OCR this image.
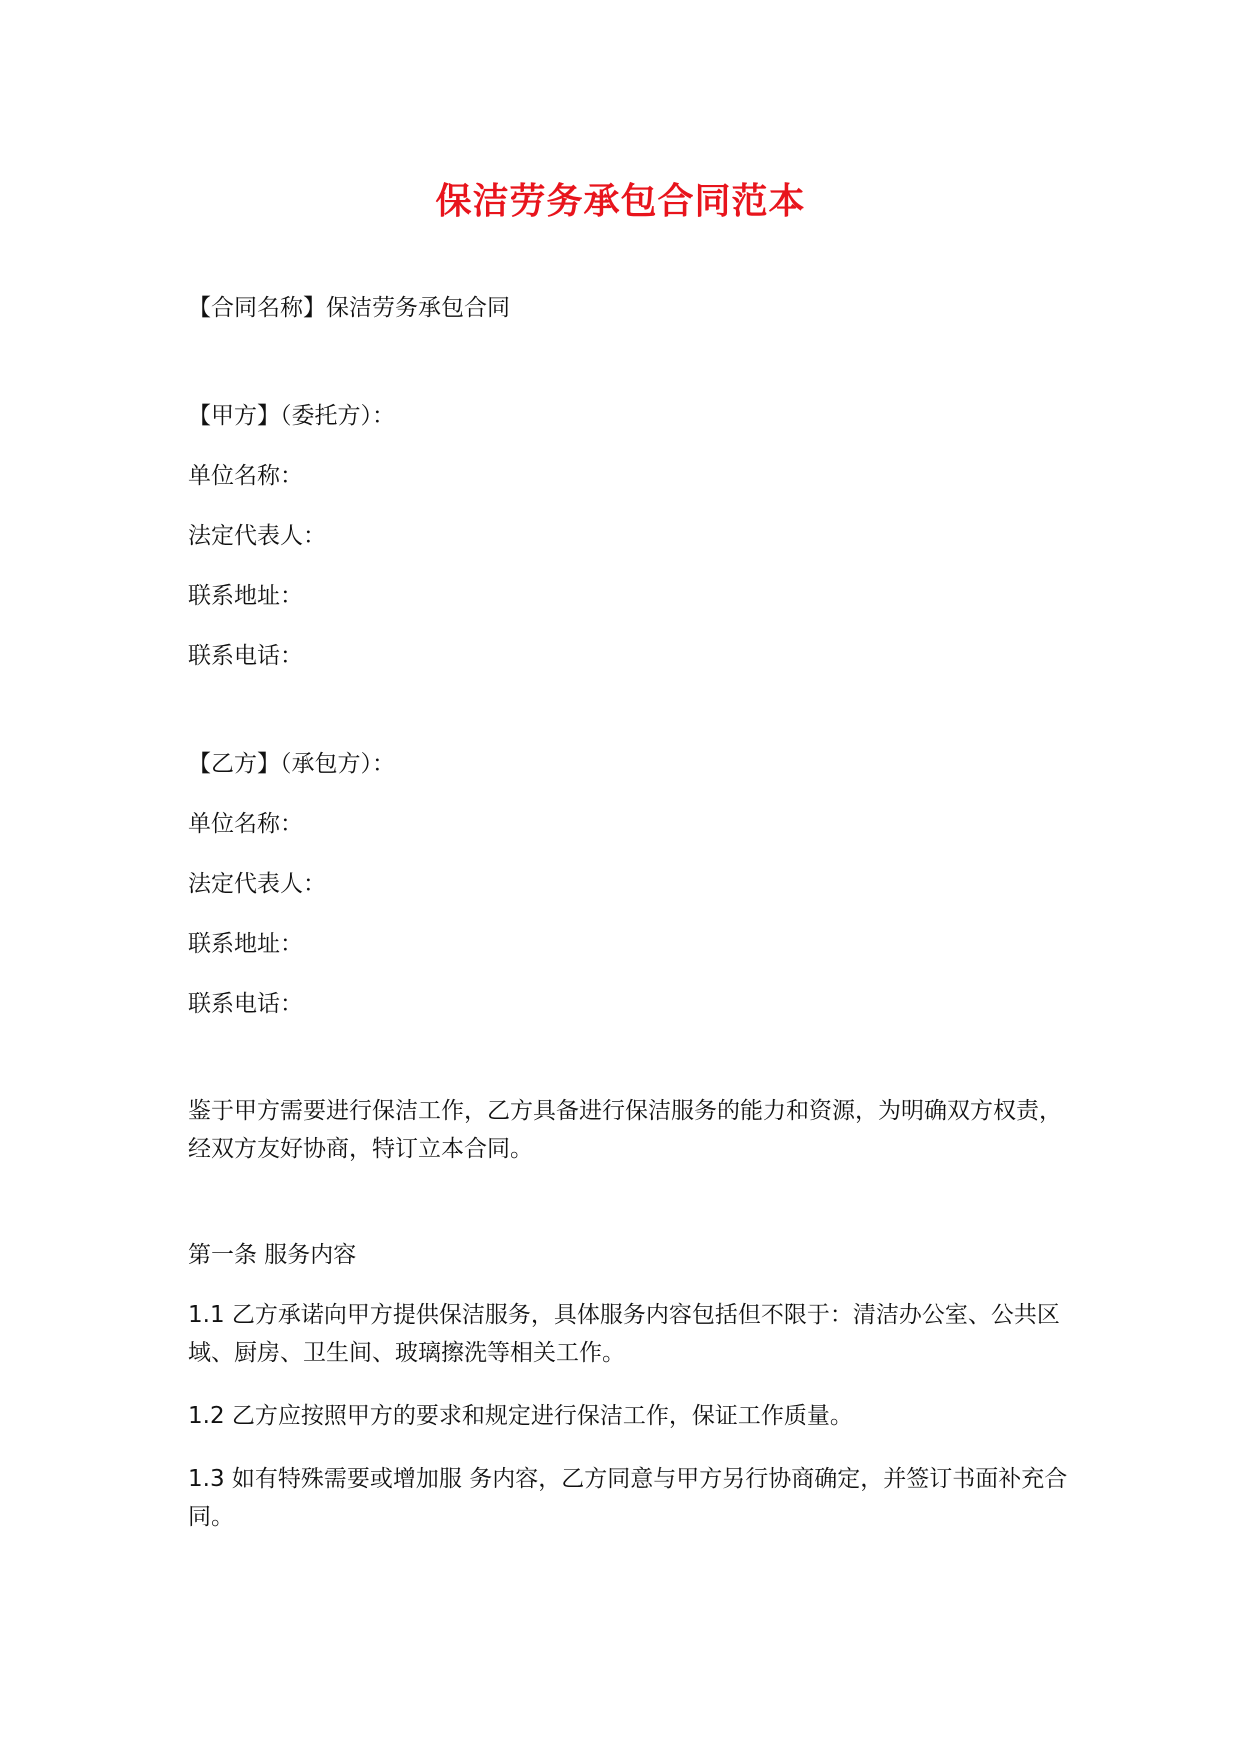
保洁劳务承包合同范本
【合同名称】保洁劳务承包合同
【甲方】（委托方）：
单位名称：
法定代表人：
联系地址：
联系电话：
【乙方】（承包方）：
单位名称：
法定代表人：
联系地址：
联系电话：
鉴于甲方需要进行保洁工作，乙方具备进行保洁服务的能力和资源，为明确双方权责，经双方友好协商，特订立本合同。
第一条 服务内容
1.1 乙方承诺向甲方提供保洁服务，具体服务内容包括但不限于：清洁办公室、公共区域、厨房、卫生间、玻璃擦洗等相关工作。
1.2 乙方应按照甲方的要求和规定进行保洁工作，保证工作质量。
1.3 如有特殊需要或增加服 务内容，乙方同意与甲方另行协商确定，并签订书面补充合同。
